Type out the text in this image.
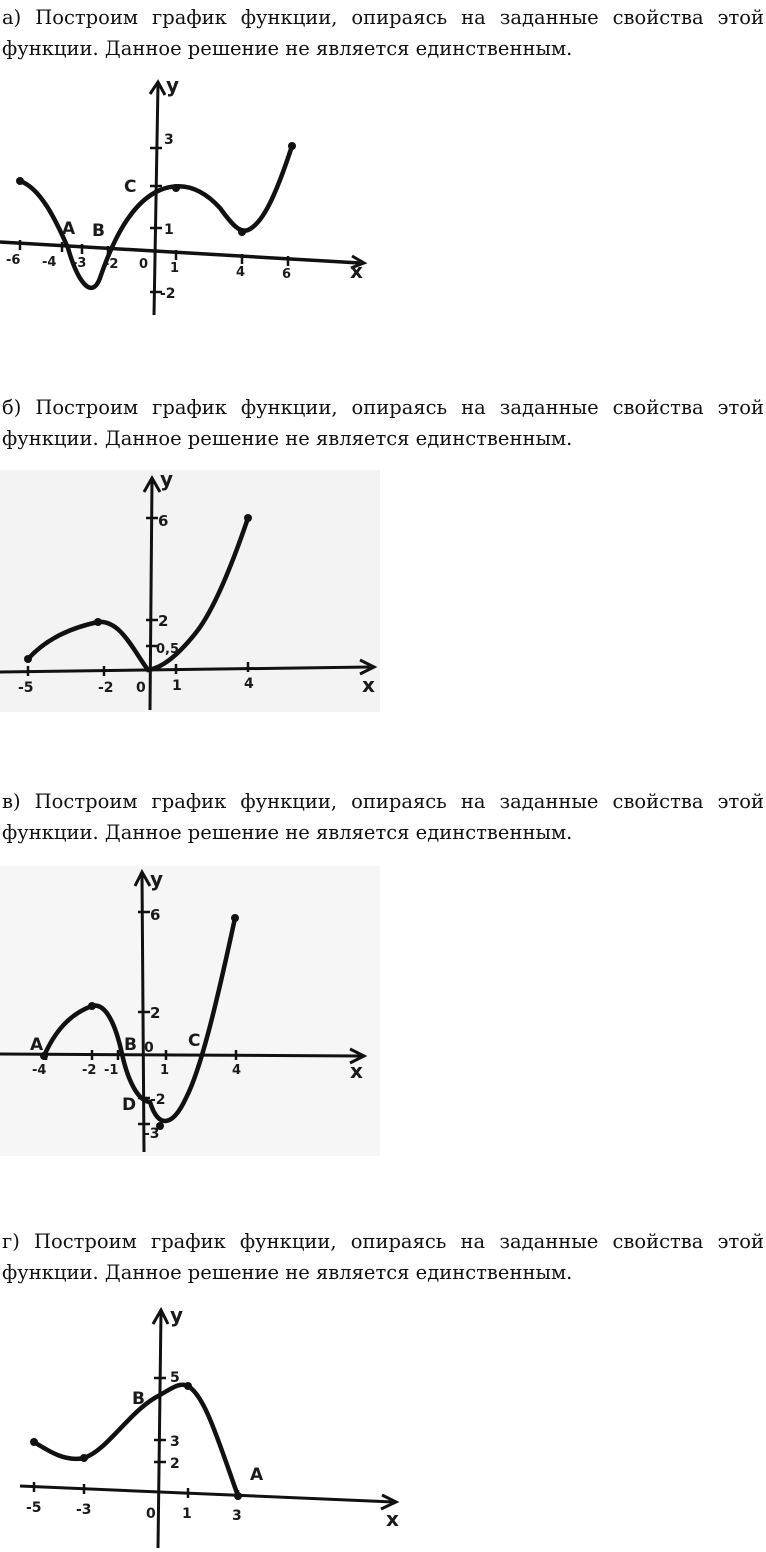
а) Построим график функции, опираясь на заданные свойства этой функции. Данное решение не является единственным.

y
x
3
1
-2
-6 -4 -3 -2 0 1	4	6
A B
C

б) Построим график функции, опираясь на заданные свойства этой функции. Данное решение не является единственным.

y
x
6
2
0,5
-5	-2 0 1	4

в) Построим график функции, опираясь на заданные свойства этой функции. Данное решение не является единственным.

y
x
6
2
0
-2
-3
-4	-2 -1	1	4
A	B	C
D

г) Построим график функции, опираясь на заданные свойства этой функции. Данное решение не является единственным.

y
x
5
3
2
-5 -3	0 1	3
A
B
